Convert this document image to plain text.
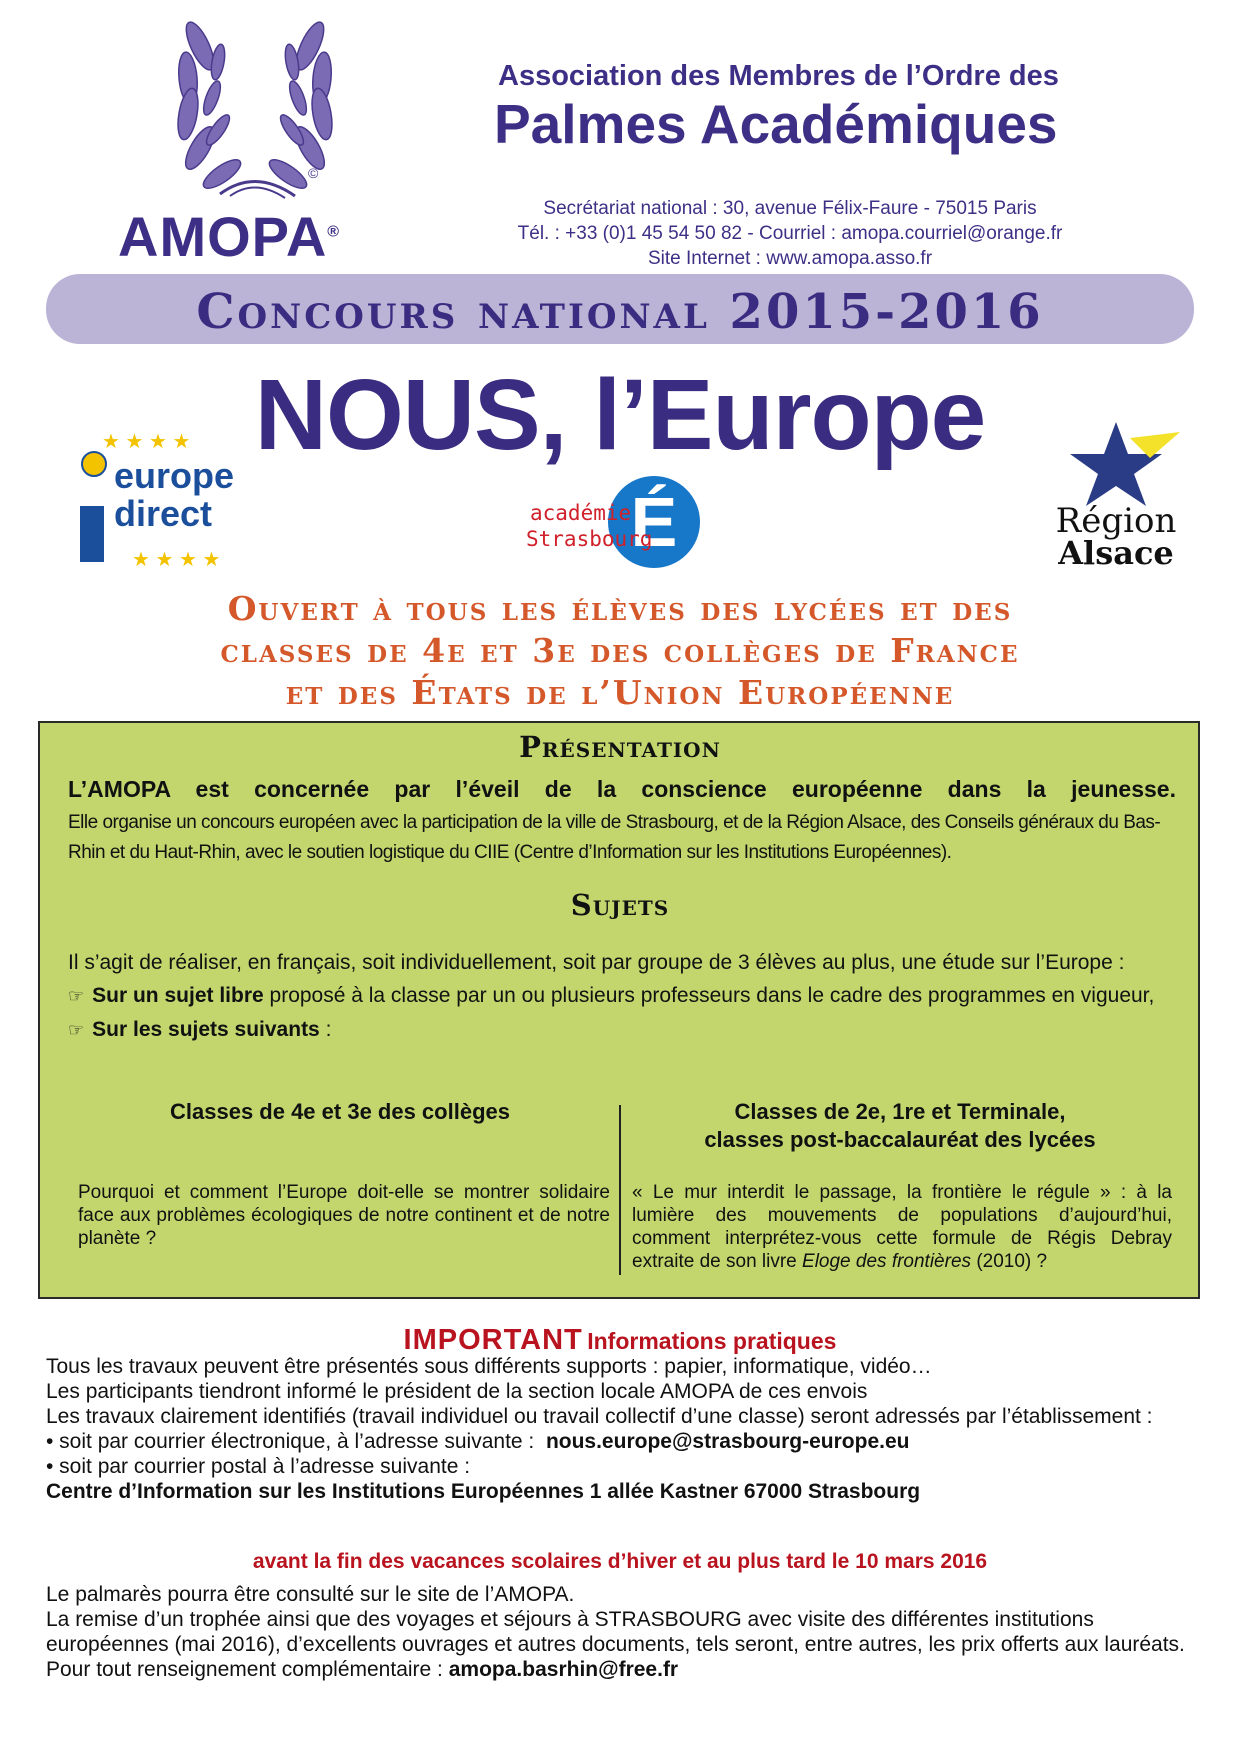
©
AMOPA®
Association des Membres de l’Ordre des
Palmes Académiques
Secrétariat national : 30, avenue Félix-Faure - 75015 Paris
Tél. : +33 (0)1 45 54 50 82 - Courriel : amopa.courriel@orange.fr
Site Internet : www.amopa.asso.fr
Concours national 2015-2016
NOUS, l’Europe
★ ★ ★ ★
★ ★ ★ ★
europe
direct	É
académie
Strasbourg	Région
Alsace
Ouvert à tous les élèves des lycées et des
classes de 4e et 3e des collèges de France
et des États de l’Union Européenne
Présentation
L’AMOPA est concernée par l’éveil de la conscience européenne dans la jeunesse.
Elle organise un concours européen avec la participation de la ville de Strasbourg, et de la Région Alsace, des Conseils généraux du Bas-Rhin et du Haut-Rhin, avec le soutien logistique du CIIE (Centre d’Information sur les Institutions Européennes).
Sujets
Il s’agit de réaliser, en français, soit individuellement, soit par groupe de 3 élèves au plus, une étude sur l’Europe :
☞ Sur un sujet libre proposé à la classe par un ou plusieurs professeurs dans le cadre des programmes en vigueur,
☞ Sur les sujets suivants :
Classes de 4e et 3e des collèges
Pourquoi et comment l’Europe doit-elle se montrer solidaire face aux problèmes écologiques de notre continent et de notre planète ?
Classes de 2e, 1re et Terminale,
classes post-baccalauréat des lycées
« Le mur interdit le passage, la frontière le régule » : à la lumière des mouvements de populations d’aujourd’hui, comment interprétez-vous cette formule de Régis Debray extraite de son livre Eloge des frontières (2010) ?
IMPORTANT Informations pratiques
Tous les travaux peuvent être présentés sous différents supports : papier, informatique, vidéo…
Les participants tiendront informé le président de la section locale AMOPA de ces envois
Les travaux clairement identifiés (travail individuel ou travail collectif d’une classe) seront adressés par l’établissement :
• soit par courrier électronique, à l’adresse suivante : nous.europe@strasbourg-europe.eu
• soit par courrier postal à l’adresse suivante :
Centre d’Information sur les Institutions Européennes 1 allée Kastner 67000 Strasbourg
avant la fin des vacances scolaires d’hiver et au plus tard le 10 mars 2016
Le palmarès pourra être consulté sur le site de l’AMOPA.
La remise d’un trophée ainsi que des voyages et séjours à STRASBOURG avec visite des différentes institutions européennes (mai 2016), d’excellents ouvrages et autres documents, tels seront, entre autres, les prix offerts aux lauréats.
Pour tout renseignement complémentaire : amopa.basrhin@free.fr
